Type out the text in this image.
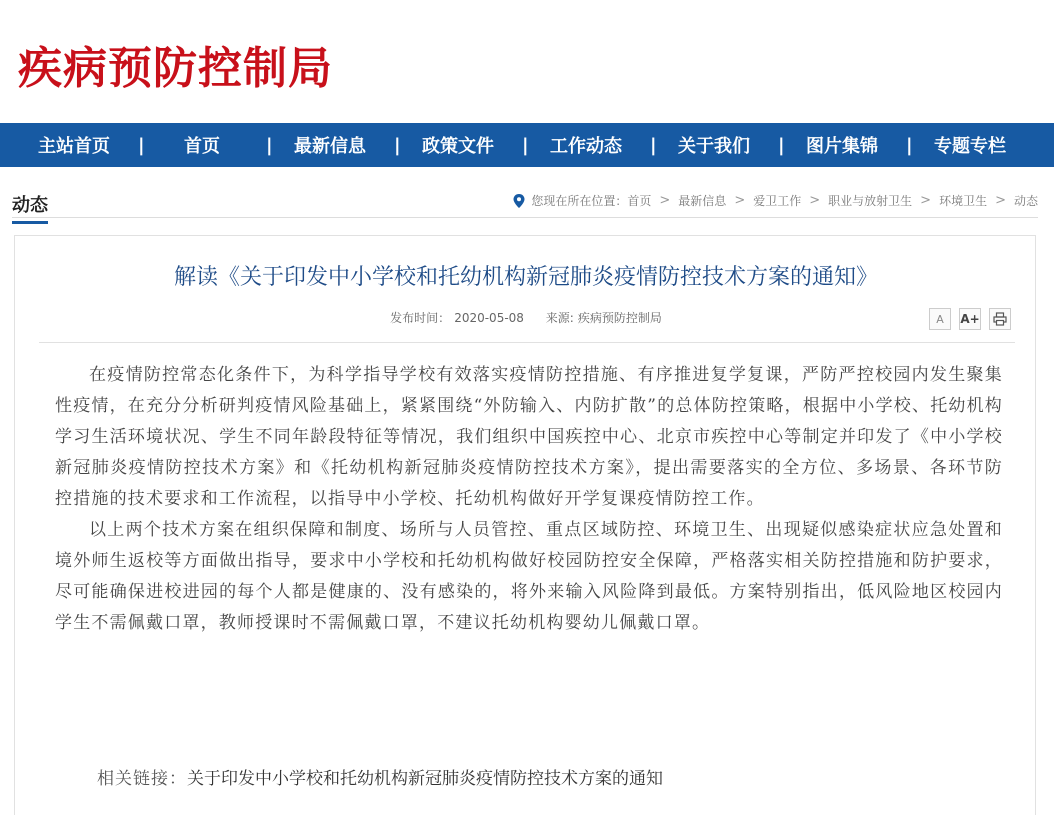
疾病预防控制局
主站首页	|	首页	|	最新信息	|	政策文件	|	工作动态	|	关于我们	|	图片集锦	|	专题专栏
动态	您现在所在位置： 首页 > 最新信息 > 爱卫工作 > 职业与放射卫生 > 环境卫生 > 动态
解读《关于印发中小学校和托幼机构新冠肺炎疫情防控技术方案的通知》
发布时间： 2020-05-08 来源: 疾病预防控制局	A A+

在疫情防控常态化条件下，为科学指导学校有效落实疫情防控措施、有序推进复学复课，严防严控校园内发生聚集性疫情，在充分分析研判疫情风险基础上，紧紧围绕“外防输入、内防扩散”的总体防控策略，根据中小学校、托幼机构学习生活环境状况、学生不同年龄段特征等情况，我们组织中国疾控中心、北京市疾控中心等制定并印发了《中小学校新冠肺炎疫情防控技术方案》和《托幼机构新冠肺炎疫情防控技术方案》，提出需要落实的全方位、多场景、各环节防控措施的技术要求和工作流程，以指导中小学校、托幼机构做好开学复课疫情防控工作。

以上两个技术方案在组织保障和制度、场所与人员管控、重点区域防控、环境卫生、出现疑似感染症状应急处置和境外师生返校等方面做出指导，要求中小学校和托幼机构做好校园防控安全保障，严格落实相关防控措施和防护要求，尽可能确保进校进园的每个人都是健康的、没有感染的，将外来输入风险降到最低。方案特别指出，低风险地区校园内学生不需佩戴口罩，教师授课时不需佩戴口罩，不建议托幼机构婴幼儿佩戴口罩。

相关链接：关于印发中小学校和托幼机构新冠肺炎疫情防控技术方案的通知
